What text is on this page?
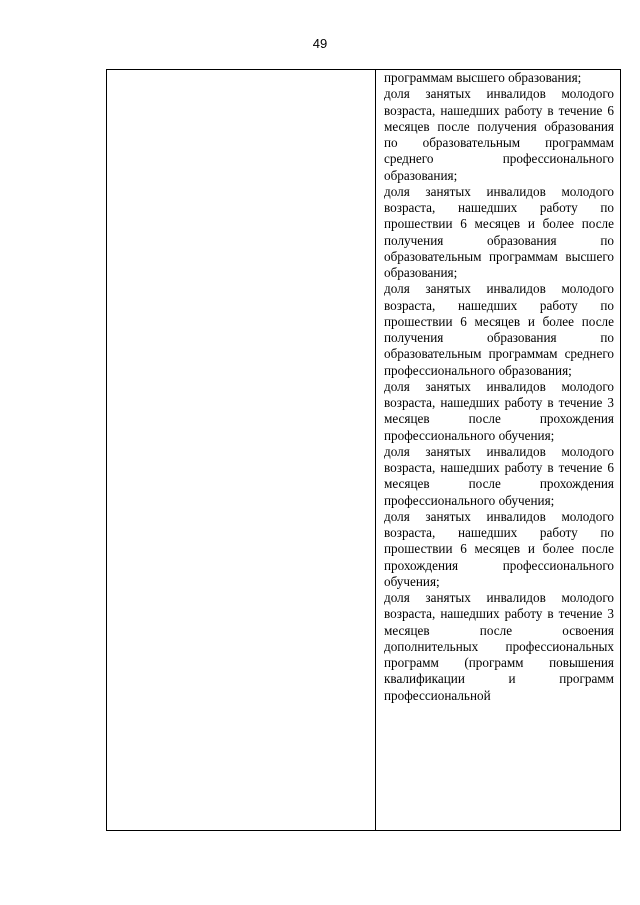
49

программам высшего образования;

доля занятых инвалидов молодого возраста, нашедших работу в течение 6 месяцев после получения образования по образовательным программам среднего профессионального образования;

доля занятых инвалидов молодого возраста, нашедших работу по прошествии 6 месяцев и более после получения образования по образовательным программам высшего образования;

доля занятых инвалидов молодого возраста, нашедших работу по прошествии 6 месяцев и более после получения образования по образовательным программам среднего профессионального образования;

доля занятых инвалидов молодого возраста, нашедших работу в течение 3 месяцев после прохождения профессионального обучения;

доля занятых инвалидов молодого возраста, нашедших работу в течение 6 месяцев после прохождения профессионального обучения;

доля занятых инвалидов молодого возраста, нашедших работу по прошествии 6 месяцев и более после прохождения профессионального обучения;

доля занятых инвалидов молодого возраста, нашедших работу в течение 3 месяцев после освоения дополнительных профессиональных программ (программ повышения квалификации и программ профессиональной
